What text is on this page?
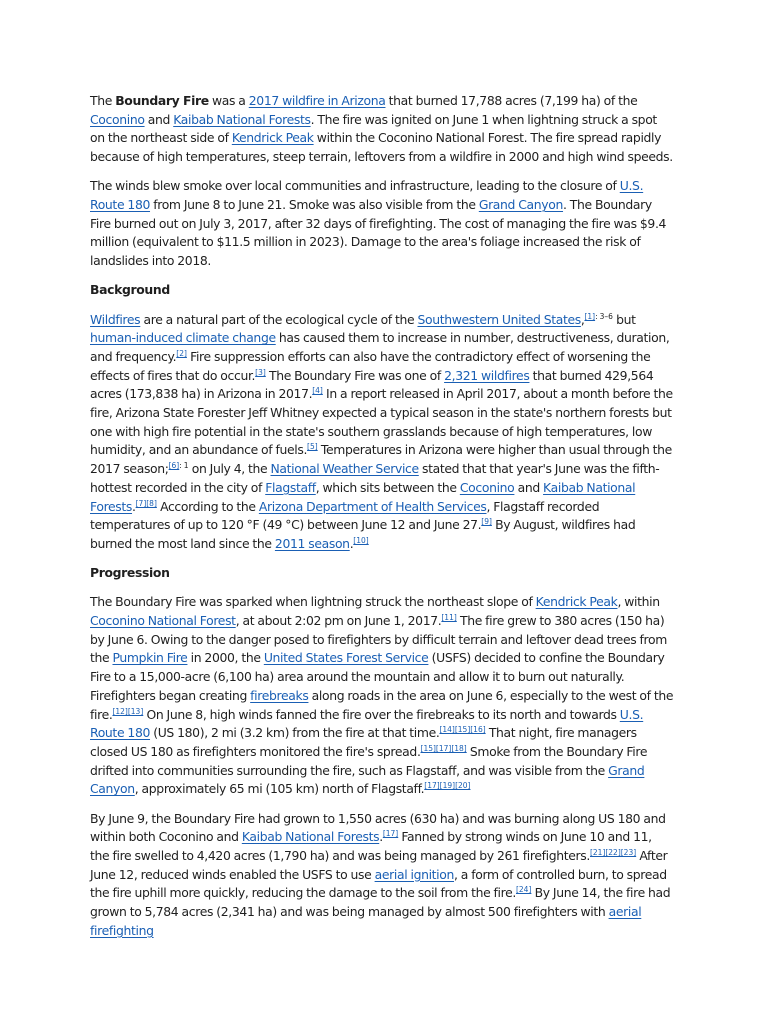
The Boundary Fire was a 2017 wildfire in Arizona that burned 17,788 acres (7,199 ha) of the Coconino and Kaibab National Forests. The fire was ignited on June 1 when lightning struck a spot on the northeast side of Kendrick Peak within the Coconino National Forest. The fire spread rapidly because of high temperatures, steep terrain, leftovers from a wildfire in 2000 and high wind speeds.

The winds blew smoke over local communities and infrastructure, leading to the closure of U.S. Route 180 from June 8 to June 21. Smoke was also visible from the Grand Canyon. The Boundary Fire burned out on July 3, 2017, after 32 days of firefighting. The cost of managing the fire was $9.4 million (equivalent to $11.5 million in 2023). Damage to the area's foliage increased the risk of landslides into 2018.

Background

Wildfires are a natural part of the ecological cycle of the Southwestern United States,$^{[1]: 3-6}$ but human-induced climate change has caused them to increase in number, destructiveness, duration, and frequency.[2] Fire suppression efforts can also have the contradictory effect of worsening the effects of fires that do occur.[3] The Boundary Fire was one of 2,321 wildfires that burned 429,564 acres (173,838 ha) in Arizona in 2017.[4] In a report released in April 2017, about a month before the fire, Arizona State Forester Jeff Whitney expected a typical season in the state's northern forests but one with high fire potential in the state's southern grasslands because of high temperatures, low humidity, and an abundance of fuels.[5] Temperatures in Arizona were higher than usual through the 2017 season;$^{[6]: 1}$ on July 4, the National Weather Service stated that that year's June was the fifth-hottest recorded in the city of Flagstaff, which sits between the Coconino and Kaibab National Forests.[7][8] According to the Arizona Department of Health Services, Flagstaff recorded temperatures of up to 120 °F (49 °C) between June 12 and June 27.[9] By August, wildfires had burned the most land since the 2011 season.[10]

Progression

The Boundary Fire was sparked when lightning struck the northeast slope of Kendrick Peak, within Coconino National Forest, at about 2:02 pm on June 1, 2017.[11] The fire grew to 380 acres (150 ha) by June 6. Owing to the danger posed to firefighters by difficult terrain and leftover dead trees from the Pumpkin Fire in 2000, the United States Forest Service (USFS) decided to confine the Boundary Fire to a 15,000-acre (6,100 ha) area around the mountain and allow it to burn out naturally. Firefighters began creating firebreaks along roads in the area on June 6, especially to the west of the fire.[12][13] On June 8, high winds fanned the fire over the firebreaks to its north and towards U.S. Route 180 (US 180), 2 mi (3.2 km) from the fire at that time.[14][15][16] That night, fire managers closed US 180 as firefighters monitored the fire's spread.[15][17][18] Smoke from the Boundary Fire drifted into communities surrounding the fire, such as Flagstaff, and was visible from the Grand Canyon, approximately 65 mi (105 km) north of Flagstaff.[17][19][20]

By June 9, the Boundary Fire had grown to 1,550 acres (630 ha) and was burning along US 180 and within both Coconino and Kaibab National Forests.[17] Fanned by strong winds on June 10 and 11, the fire swelled to 4,420 acres (1,790 ha) and was being managed by 261 firefighters.[21][22][23] After June 12, reduced winds enabled the USFS to use aerial ignition, a form of controlled burn, to spread the fire uphill more quickly, reducing the damage to the soil from the fire.[24] By June 14, the fire had grown to 5,784 acres (2,341 ha) and was being managed by almost 500 firefighters with aerial firefighting
